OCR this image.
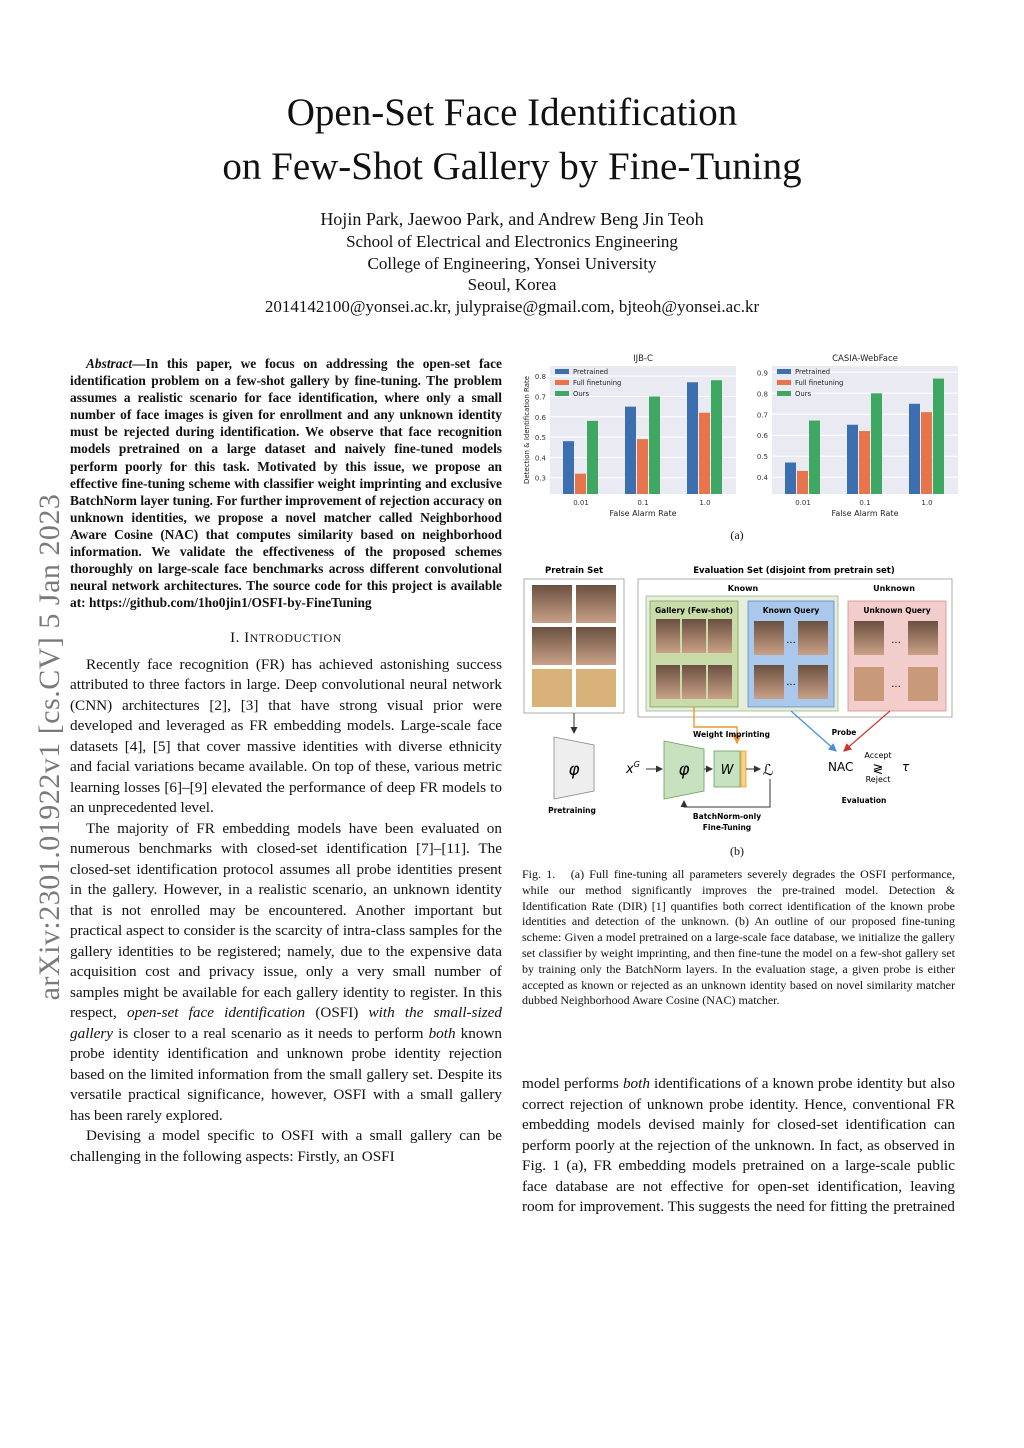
Open-Set Face Identification
on Few-Shot Gallery by Fine-Tuning
Hojin Park, Jaewoo Park, and Andrew Beng Jin Teoh
School of Electrical and Electronics Engineering
College of Engineering, Yonsei University
Seoul, Korea
2014142100@yonsei.ac.kr, julypraise@gmail.com, bjteoh@yonsei.ac.kr
arXiv:2301.01922v1 [cs.CV] 5 Jan 2023

Abstract—In this paper, we focus on addressing the open-set face identification problem on a few-shot gallery by fine-tuning. The problem assumes a realistic scenario for face identification, where only a small number of face images is given for enrollment and any unknown identity must be rejected during identification. We observe that face recognition models pretrained on a large dataset and naively fine-tuned models perform poorly for this task. Motivated by this issue, we propose an effective fine-tuning scheme with classifier weight imprinting and exclusive BatchNorm layer tuning. For further improvement of rejection accuracy on unknown identities, we propose a novel matcher called Neighborhood Aware Cosine (NAC) that computes similarity based on neighborhood information. We validate the effectiveness of the proposed schemes thoroughly on large-scale face benchmarks across different convolutional neural network architectures. The source code for this project is available at: https://github.com/1ho0jin1/OSFI-by-FineTuning

I. INTRODUCTION

Recently face recognition (FR) has achieved astonishing success attributed to three factors in large. Deep convolutional neural network (CNN) architectures [2], [3] that have strong visual prior were developed and leveraged as FR embedding models. Large-scale face datasets [4], [5] that cover massive identities with diverse ethnicity and facial variations became available. On top of these, various metric learning losses [6]–[9] elevated the performance of deep FR models to an unprecedented level.

The majority of FR embedding models have been evaluated on numerous benchmarks with closed-set identification [7]–[11]. The closed-set identification protocol assumes all probe identities present in the gallery. However, in a realistic scenario, an unknown identity that is not enrolled may be encountered. Another important but practical aspect to consider is the scarcity of intra-class samples for the gallery identities to be registered; namely, due to the expensive data acquisition cost and privacy issue, only a very small number of samples might be available for each gallery identity to register. In this respect, open-set face identification (OSFI) with the small-sized gallery is closer to a real scenario as it needs to perform both known probe identity identification and unknown probe identity rejection based on the limited information from the small gallery set. Despite its versatile practical significance, however, OSFI with a small gallery has been rarely explored.

Devising a model specific to OSFI with a small gallery can be challenging in the following aspects: Firstly, an OSFI

0.3
0.4
0.5
0.6
0.7
0.8
IJB-C
False Alarm Rate
Detection & Identification Rate
0.01	0.1	1.0
Pretrained
Full finetuning
Ours
0.4
0.5
0.6
0.7
0.8
0.9
CASIA-WebFace
False Alarm Rate
0.01	0.1	1.0
Pretrained
Full finetuning
Ours
(a)
Pretrain Set	Evaluation Set (disjoint from pretrain set)
Known	Unknown
Gallery (Few-shot)	Known Query
...
...
Unknown Query
...
...
Weight Imprinting	Probe
φ
Pretraining
$x^G$ φ W ℒ
BatchNorm-only
Fine-Tuning
NAC
Accept
≷
Reject
τ
Evaluation
(b)
Fig. 1. (a) Full fine-tuning all parameters severely degrades the OSFI performance, while our method significantly improves the pre-trained model. Detection & Identification Rate (DIR) [1] quantifies both correct identification of the known probe identities and detection of the unknown. (b) An outline of our proposed fine-tuning scheme: Given a model pretrained on a large-scale face database, we initialize the gallery set classifier by weight imprinting, and then fine-tune the model on a few-shot gallery set by training only the BatchNorm layers. In the evaluation stage, a given probe is either accepted as known or rejected as an unknown identity based on novel similarity matcher dubbed Neighborhood Aware Cosine (NAC) matcher.
model performs both identifications of a known probe identity but also correct rejection of unknown probe identity. Hence, conventional FR embedding models devised mainly for closed-set identification can perform poorly at the rejection of the unknown. In fact, as observed in Fig. 1 (a), FR embedding models pretrained on a large-scale public face database are not effective for open-set identification, leaving room for improvement. This suggests the need for fitting the pretrained
